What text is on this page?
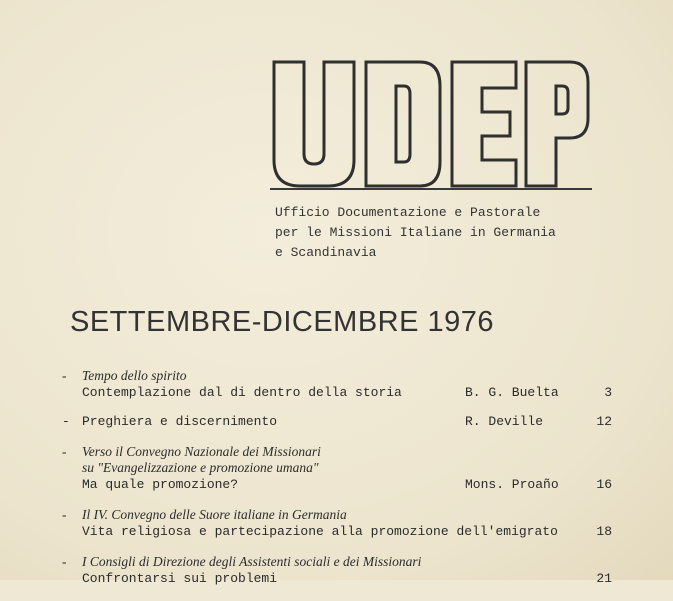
Ufficio Documentazione e Pastorale
per le Missioni Italiane in Germania
e Scandinavia
SETTEMBRE-DICEMBRE 1976
- Tempo dello spirito
Contemplazione dal di dentro della storia	B. G. Buelta	3
- Preghiera e discernimento	R. Deville	12
- Verso il Convegno Nazionale dei Missionari
su "Evangelizzazione e promozione umana"
Ma quale promozione?	Mons. Proaño	16
- Il IV. Convegno delle Suore italiane in Germania
Vita religiosa e partecipazione alla promozione dell'emigrato	18
- I Consigli di Direzione degli Assistenti sociali e dei Missionari
Confrontarsi sui problemi	21
